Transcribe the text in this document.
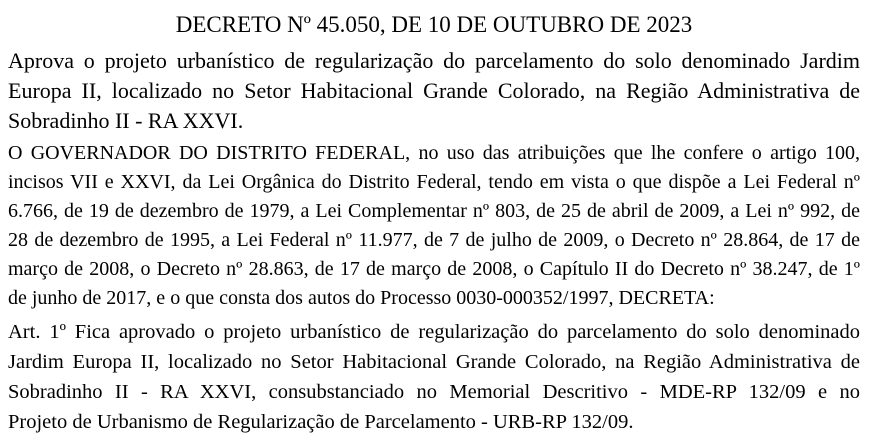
DECRETO Nº 45.050, DE 10 DE OUTUBRO DE 2023
Aprova o projeto urbanístico de regularização do parcelamento do solo denominado Jardim
Europa II, localizado no Setor Habitacional Grande Colorado, na Região Administrativa de
Sobradinho II - RA XXVI.
O GOVERNADOR DO DISTRITO FEDERAL, no uso das atribuições que lhe confere o artigo 100,
incisos VII e XXVI, da Lei Orgânica do Distrito Federal, tendo em vista o que dispõe a Lei Federal nº
6.766, de 19 de dezembro de 1979, a Lei Complementar nº 803, de 25 de abril de 2009, a Lei nº 992, de
28 de dezembro de 1995, a Lei Federal nº 11.977, de 7 de julho de 2009, o Decreto nº 28.864, de 17 de
março de 2008, o Decreto nº 28.863, de 17 de março de 2008, o Capítulo II do Decreto nº 38.247, de 1º
de junho de 2017, e o que consta dos autos do Processo 0030-000352/1997, DECRETA:
Art. 1º Fica aprovado o projeto urbanístico de regularização do parcelamento do solo denominado
Jardim Europa II, localizado no Setor Habitacional Grande Colorado, na Região Administrativa de
Sobradinho II - RA XXVI, consubstanciado no Memorial Descritivo - MDE-RP 132/09 e no
Projeto de Urbanismo de Regularização de Parcelamento - URB-RP 132/09.
